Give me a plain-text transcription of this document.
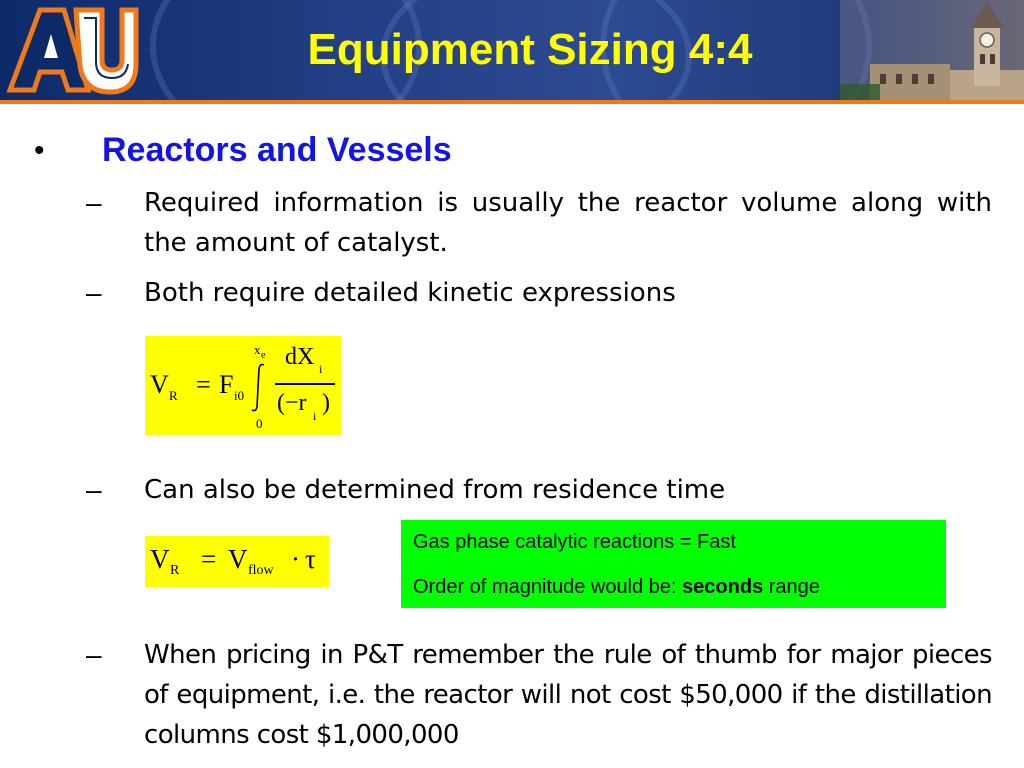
Equipment Sizing 4:4
• Reactors and Vessels
– Required information is usually the reactor volume along with the amount of catalyst.
– Both require detailed kinetic expressions
V R = F i0
x e
0
dX i
(−r i )
– Can also be determined from residence time
V R = V flow · τ
Gas phase catalytic reactions = Fast
Order of magnitude would be: seconds range
– When pricing in P&T remember the rule of thumb for major pieces of equipment, i.e. the reactor will not cost $50,000 if the distillation columns cost $1,000,000
